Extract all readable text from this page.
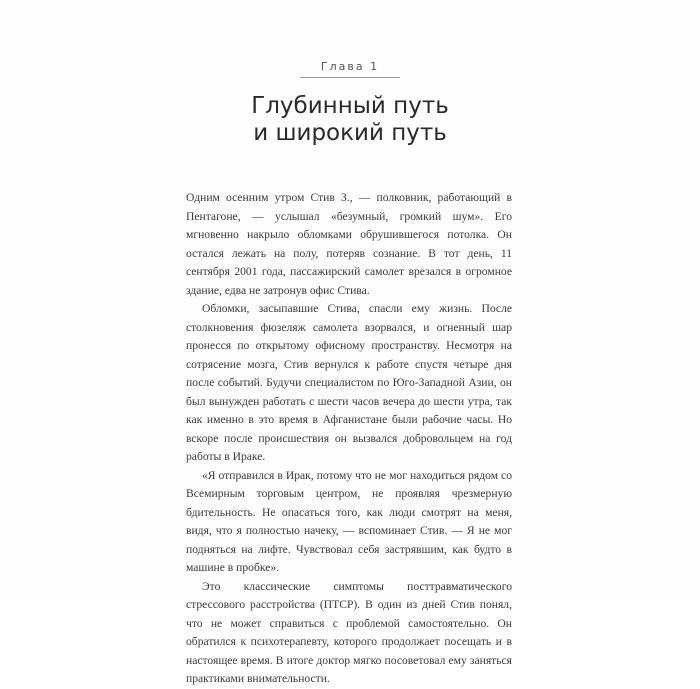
Глава 1
Глубинный путь
и широкий путь

Одним осенним утром Стив З., — полковник, работающий в Пентагоне, — услышал «безумный, громкий шум». Его мгновенно накрыло обломками обрушившегося потолка. Он остался лежать на полу, потеряв сознание. В тот день, 11 сентября 2001 года, пассажирский самолет врезался в огромное здание, едва не затронув офис Стива.

Обломки, засыпавшие Стива, спасли ему жизнь. После столкновения фюзеляж самолета взорвался, и огненный шар пронесся по открытому офисному пространству. Несмотря на сотрясение мозга, Стив вернулся к работе спустя четыре дня после событий. Будучи специалистом по Юго-Западной Азии, он был вынужден работать с шести часов вечера до шести утра, так как именно в это время в Афганистане были рабочие часы. Но вскоре после происшествия он вызвался добровольцем на год работы в Ираке.

«Я отправился в Ирак, потому что не мог находиться рядом со Всемирным торговым центром, не проявляя чрезмерную бдительность. Не опасаться того, как люди смотрят на меня, видя, что я полностью начеку, — вспоминает Стив. — Я не мог подняться на лифте. Чувствовал себя застрявшим, как будто в машине в пробке».

Это классические симптомы посттравматического стрессового расстройства (ПТСР). В один из дней Стив понял, что не может справиться с проблемой самостоятельно. Он обратился к психотерапевту, которого продолжает посещать и в настоящее время. В итоге доктор мягко посоветовал ему заняться практиками внимательности.
